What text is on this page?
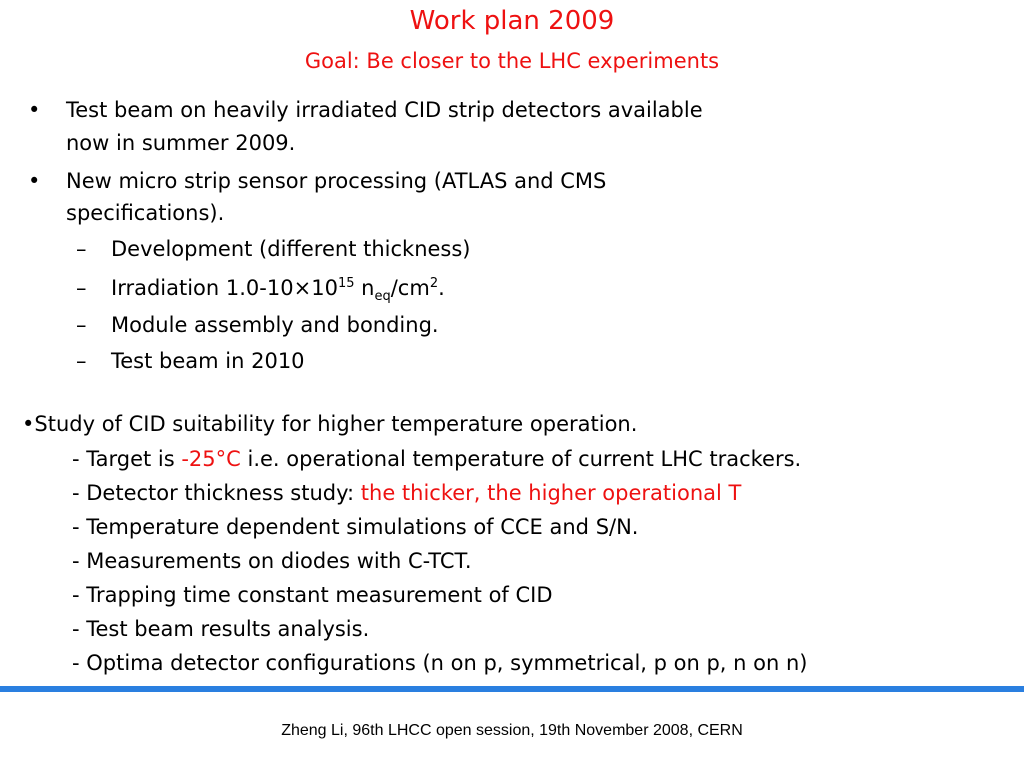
Work plan 2009
Goal: Be closer to the LHC experiments
• Test beam on heavily irradiated CID strip detectors available
now in summer 2009.
• New micro strip sensor processing (ATLAS and CMS
specifications).
– Development (different thickness)
– Irradiation $1.0-10\times 10^{15}$ $n_{eq}/cm^2$.
– Module assembly and bonding.
– Test beam in 2010
•Study of CID suitability for higher temperature operation.
- Target is -25°C i.e. operational temperature of current LHC trackers.
- Detector thickness study: the thicker, the higher operational T
- Temperature dependent simulations of CCE and S/N.
- Measurements on diodes with C-TCT.
- Trapping time constant measurement of CID
- Test beam results analysis.
- Optima detector configurations (n on p, symmetrical, p on p, n on n)
Zheng Li, 96th LHCC open session, 19th November 2008, CERN
